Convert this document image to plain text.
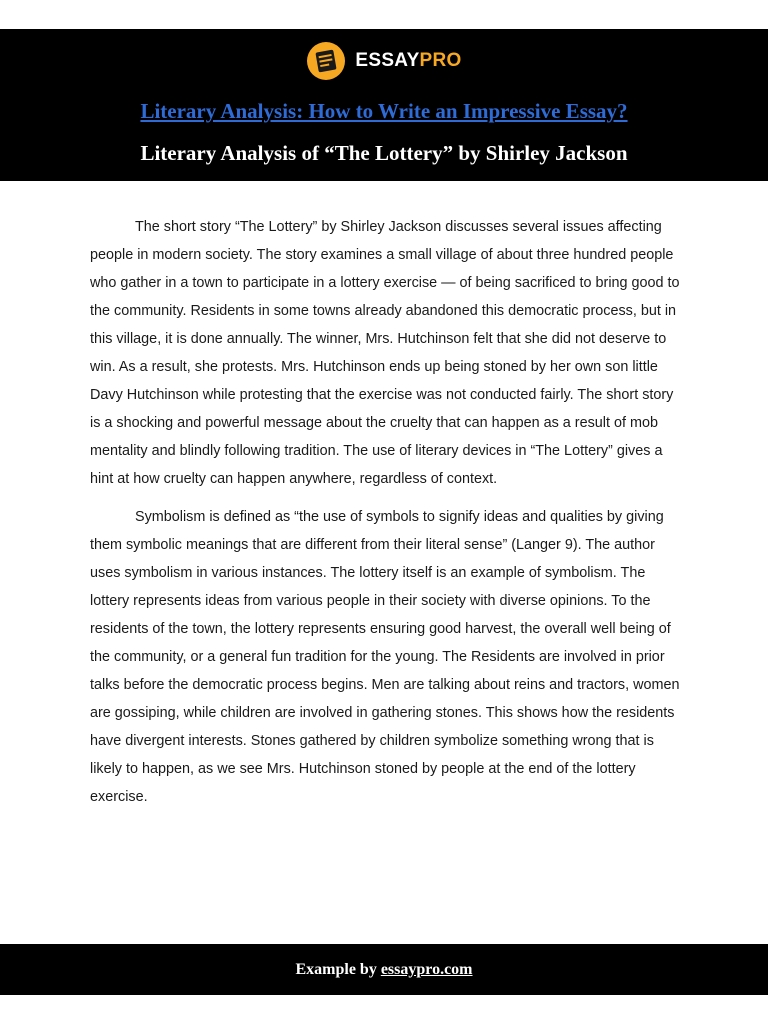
ESSAYPRO
Literary Analysis: How to Write an Impressive Essay?
Literary Analysis of “The Lottery” by Shirley Jackson

The short story “The Lottery” by Shirley Jackson discusses several issues affecting people in modern society. The story examines a small village of about three hundred people who gather in a town to participate in a lottery exercise — of being sacrificed to bring good to the community. Residents in some towns already abandoned this democratic process, but in this village, it is done annually. The winner, Mrs. Hutchinson felt that she did not deserve to win. As a result, she protests. Mrs. Hutchinson ends up being stoned by her own son little Davy Hutchinson while protesting that the exercise was not conducted fairly. The short story is a shocking and powerful message about the cruelty that can happen as a result of mob mentality and blindly following tradition. The use of literary devices in “The Lottery” gives a hint at how cruelty can happen anywhere, regardless of context.

Symbolism is defined as “the use of symbols to signify ideas and qualities by giving them symbolic meanings that are different from their literal sense” (Langer 9). The author uses symbolism in various instances. The lottery itself is an example of symbolism. The lottery represents ideas from various people in their society with diverse opinions. To the residents of the town, the lottery represents ensuring good harvest, the overall well being of the community, or a general fun tradition for the young. The Residents are involved in prior talks before the democratic process begins. Men are talking about reins and tractors, women are gossiping, while children are involved in gathering stones. This shows how the residents have divergent interests. Stones gathered by children symbolize something wrong that is likely to happen, as we see Mrs. Hutchinson stoned by people at the end of the lottery exercise.

Example by essaypro.com
